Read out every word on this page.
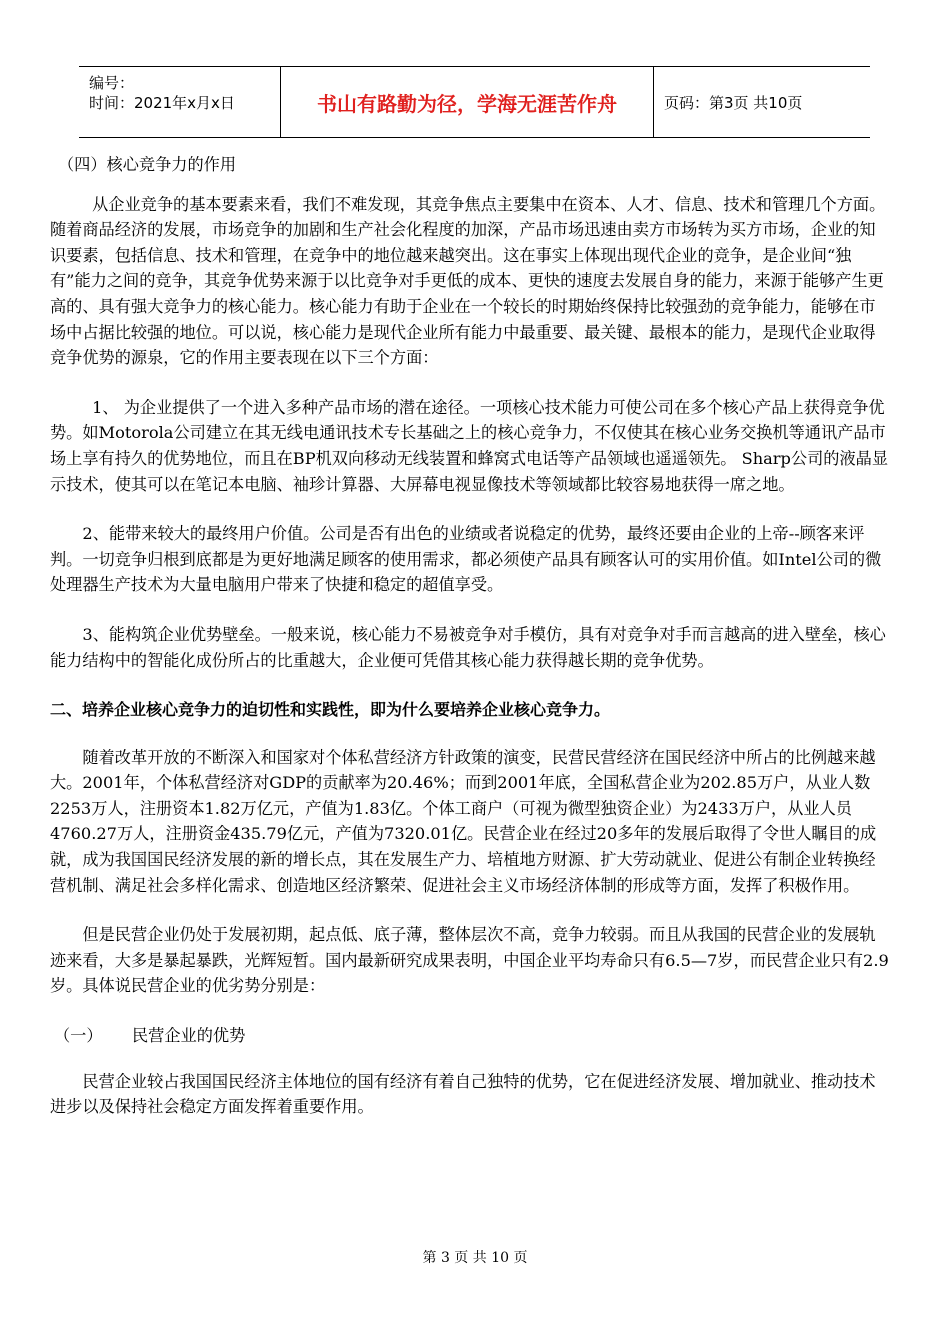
编号：
时间：2021年x月x日	书山有路勤为径，学海无涯苦作舟	页码：第3页 共10页

（四）核心竞争力的作用

从企业竞争的基本要素来看，我们不难发现，其竞争焦点主要集中在资本、人才、信息、技术和管理几个方面。随着商品经济的发展，市场竞争的加剧和生产社会化程度的加深，产品市场迅速由卖方市场转为买方市场，企业的知识要素，包括信息、技术和管理，在竞争中的地位越来越突出。这在事实上体现出现代企业的竞争，是企业间“独有”能力之间的竞争，其竞争优势来源于以比竞争对手更低的成本、更快的速度去发展自身的能力，来源于能够产生更高的、具有强大竞争力的核心能力。核心能力有助于企业在一个较长的时期始终保持比较强劲的竞争能力，能够在市场中占据比较强的地位。可以说，核心能力是现代企业所有能力中最重要、最关键、最根本的能力，是现代企业取得竞争优势的源泉，它的作用主要表现在以下三个方面：

1、 为企业提供了一个进入多种产品市场的潜在途径。一项核心技术能力可使公司在多个核心产品上获得竞争优势。如Motorola公司建立在其无线电通讯技术专长基础之上的核心竞争力，不仅使其在核心业务交换机等通讯产品市场上享有持久的优势地位，而且在BP机双向移动无线装置和蜂窝式电话等产品领域也遥遥领先。 Sharp公司的液晶显示技术，使其可以在笔记本电脑、袖珍计算器、大屏幕电视显像技术等领域都比较容易地获得一席之地。

2、能带来较大的最终用户价值。公司是否有出色的业绩或者说稳定的优势，最终还要由企业的上帝--顾客来评判。一切竞争归根到底都是为更好地满足顾客的使用需求，都必须使产品具有顾客认可的实用价值。如Intel公司的微处理器生产技术为大量电脑用户带来了快捷和稳定的超值享受。

3、能构筑企业优势壁垒。一般来说，核心能力不易被竞争对手模仿，具有对竞争对手而言越高的进入壁垒，核心能力结构中的智能化成份所占的比重越大，企业便可凭借其核心能力获得越长期的竞争优势。

二、培养企业核心竞争力的迫切性和实践性，即为什么要培养企业核心竞争力。

随着改革开放的不断深入和国家对个体私营经济方针政策的演变，民营民营经济在国民经济中所占的比例越来越大。2001年，个体私营经济对GDP的贡献率为20.46%；而到2001年底，全国私营企业为202.85万户，从业人数2253万人，注册资本1.82万亿元，产值为1.83亿。个体工商户（可视为微型独资企业）为2433万户，从业人员4760.27万人，注册资金435.79亿元，产值为7320.01亿。民营企业在经过20多年的发展后取得了令世人瞩目的成就，成为我国国民经济发展的新的增长点，其在发展生产力、培植地方财源、扩大劳动就业、促进公有制企业转换经营机制、满足社会多样化需求、创造地区经济繁荣、促进社会主义市场经济体制的形成等方面，发挥了积极作用。

但是民营企业仍处于发展初期，起点低、底子薄，整体层次不高，竞争力较弱。而且从我国的民营企业的发展轨迹来看，大多是暴起暴跌，光辉短暂。国内最新研究成果表明，中国企业平均寿命只有6.5—7岁，而民营企业只有2.9岁。具体说民营企业的优劣势分别是：

（一） 民营企业的优势

民营企业较占我国国民经济主体地位的国有经济有着自己独特的优势，它在促进经济发展、增加就业、推动技术进步以及保持社会稳定方面发挥着重要作用。

第 3 页 共 10 页
